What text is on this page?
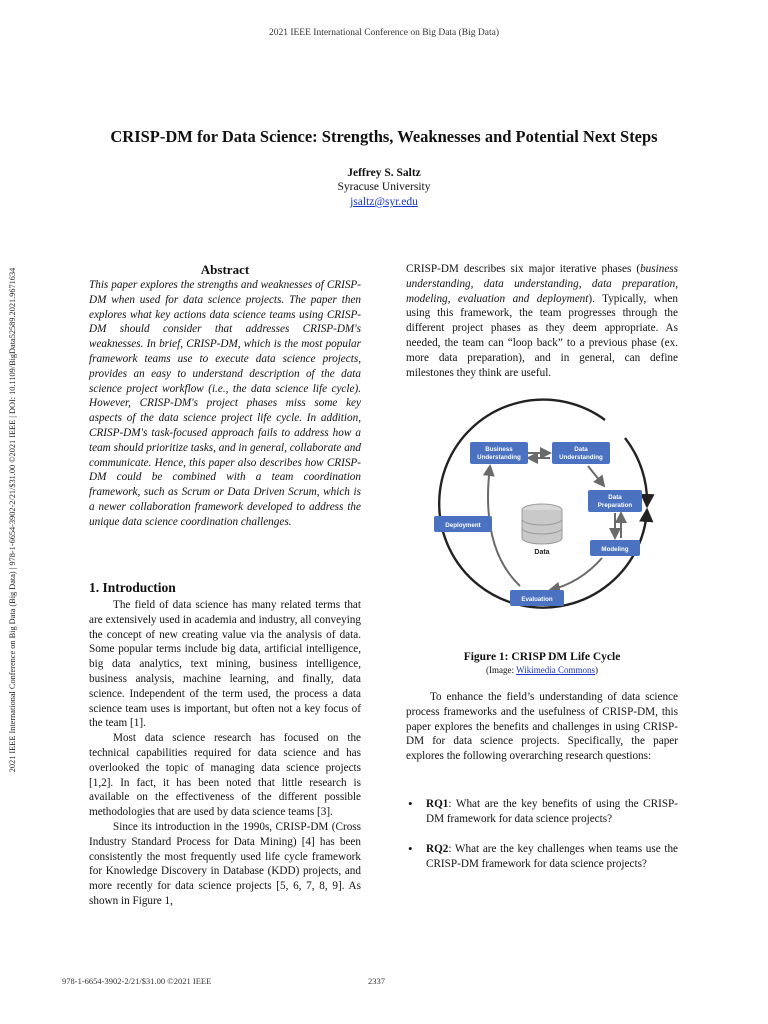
2021 IEEE International Conference on Big Data (Big Data)
2021 IEEE International Conference on Big Data (Big Data) | 978-1-6654-3902-2/21/$31.00 ©2021 IEEE | DOI: 10.1109/BigData52589.2021.9671634
CRISP-DM for Data Science: Strengths, Weaknesses and Potential Next Steps
Jeffrey S. Saltz
Syracuse University
jsaltz@syr.edu
Abstract
This paper explores the strengths and weaknesses of CRISP-DM when used for data science projects. The paper then explores what key actions data science teams using CRISP-DM should consider that addresses CRISP-DM's weaknesses. In brief, CRISP-DM, which is the most popular framework teams use to execute data science projects, provides an easy to understand description of the data science project workflow (i.e., the data science life cycle). However, CRISP-DM's project phases miss some key aspects of the data science project life cycle. In addition, CRISP-DM's task-focused approach fails to address how a team should prioritize tasks, and in general, collaborate and communicate. Hence, this paper also describes how CRISP-DM could be combined with a team coordination framework, such as Scrum or Data Driven Scrum, which is a newer collaboration framework developed to address the unique data science coordination challenges.
1. Introduction

The field of data science has many related terms that are extensively used in academia and industry, all conveying the concept of new creating value via the analysis of data. Some popular terms include big data, artificial intelligence, big data analytics, text mining, business intelligence, business analysis, machine learning, and finally, data science. Independent of the term used, the process a data science team uses is important, but often not a key focus of the team [1].

Most data science research has focused on the technical capabilities required for data science and has overlooked the topic of managing data science projects [1,2]. In fact, it has been noted that little research is available on the effectiveness of the different possible methodologies that are used by data science teams [3].

Since its introduction in the 1990s, CRISP-DM (Cross Industry Standard Process for Data Mining) [4] has been consistently the most frequently used life cycle framework for Knowledge Discovery in Database (KDD) projects, and more recently for data science projects [5, 6, 7, 8, 9]. As shown in Figure 1,

CRISP-DM describes six major iterative phases (business understanding, data understanding, data preparation, modeling, evaluation and deployment). Typically, when using this framework, the team progresses through the different project phases as they deem appropriate. As needed, the team can “loop back” to a previous phase (ex. more data preparation), and in general, can define milestones they think are useful.

Data
Business
Understanding
Data
Understanding
Data
Preparation
Modeling
Evaluation
Deployment
Figure 1: CRISP DM Life Cycle
(Image: Wikimedia Commons)

To enhance the field’s understanding of data science process frameworks and the usefulness of CRISP-DM, this paper explores the benefits and challenges in using CRISP-DM for data science projects. Specifically, the paper explores the following overarching research questions:

• RQ1: What are the key benefits of using the CRISP-DM framework for data science projects?
• RQ2: What are the key challenges when teams use the CRISP-DM framework for data science projects?
978-1-6654-3902-2/21/$31.00 ©2021 IEEE	2337
